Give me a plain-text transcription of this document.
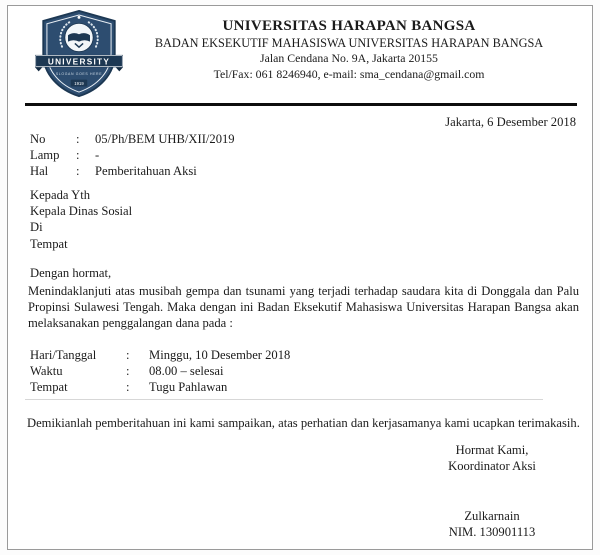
UNIVERSITY
SLOGAN GOES HERE
1919
UNIVERSITAS HARAPAN BANGSA
BADAN EKSEKUTIF MAHASISWA UNIVERSITAS HARAPAN BANGSA
Jalan Cendana No. 9A, Jakarta 20155
Tel/Fax: 061 8246940, e-mail: sma_cendana@gmail.com
Jakarta, 6 Desember 2018
No	:	05/Ph/BEM UHB/XII/2019
Lamp	:	-
Hal	:	Pemberitahuan Aksi
Kepada Yth
Kepala Dinas Sosial
Di
Tempat
Dengan hormat,
Menindaklanjuti atas musibah gempa dan tsunami yang terjadi terhadap saudara kita di Donggala dan Palu Propinsi Sulawesi Tengah. Maka dengan ini Badan Eksekutif Mahasiswa Universitas Harapan Bangsa akan melaksanakan penggalangan dana pada :
Hari/Tanggal	:	Minggu, 10 Desember 2018
Waktu	:	08.00 – selesai
Tempat	:	Tugu Pahlawan
Demikianlah pemberitahuan ini kami sampaikan, atas perhatian dan kerjasamanya kami ucapkan terimakasih.
Hormat Kami,
Koordinator Aksi
Zulkarnain
NIM. 130901113
